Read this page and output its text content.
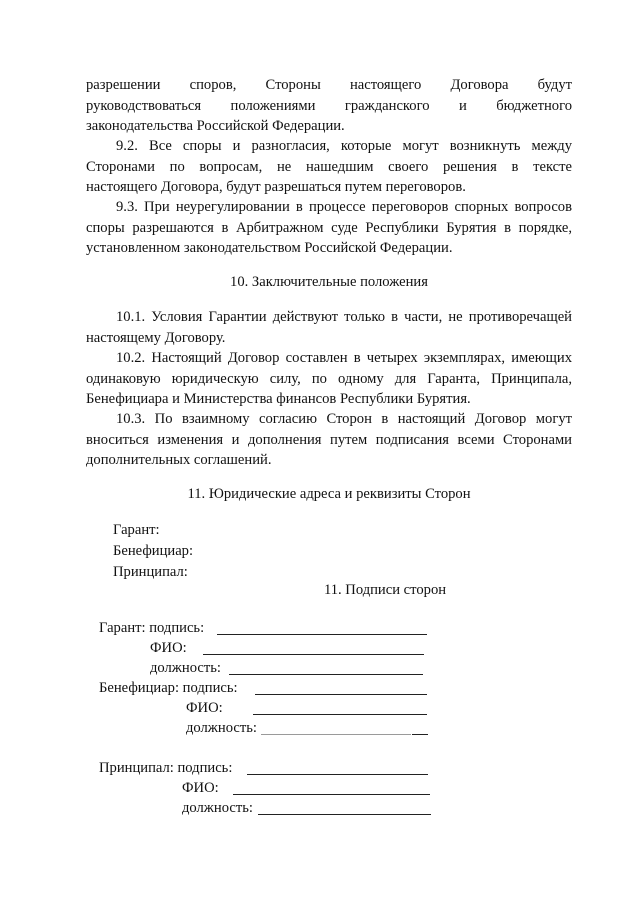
разрешении споров, Стороны настоящего Договора будут
руководствоваться положениями гражданского и бюджетного
законодательства Российской Федерации.
9.2. Все споры и разногласия, которые могут возникнуть между
Сторонами по вопросам, не нашедшим своего решения в тексте
настоящего Договора, будут разрешаться путем переговоров.
9.3. При неурегулировании в процессе переговоров спорных вопросов
споры разрешаются в Арбитражном суде Республики Бурятия в порядке,
установленном законодательством Российской Федерации.
10. Заключительные положения
10.1. Условия Гарантии действуют только в части, не противоречащей
настоящему Договору.
10.2. Настоящий Договор составлен в четырех экземплярах, имеющих
одинаковую юридическую силу, по одному для Гаранта, Принципала,
Бенефициара и Министерства финансов Республики Бурятия.
10.3. По взаимному согласию Сторон в настоящий Договор могут
вноситься изменения и дополнения путем подписания всеми Сторонами
дополнительных соглашений.
11. Юридические адреса и реквизиты Сторон
Гарант:
Бенефициар:
Принципал:
11. Подписи сторон
Гарант: подпись:
ФИО:
должность:
Бенефициар: подпись:
ФИО:
должность:
Принципал: подпись:
ФИО:
должность:
